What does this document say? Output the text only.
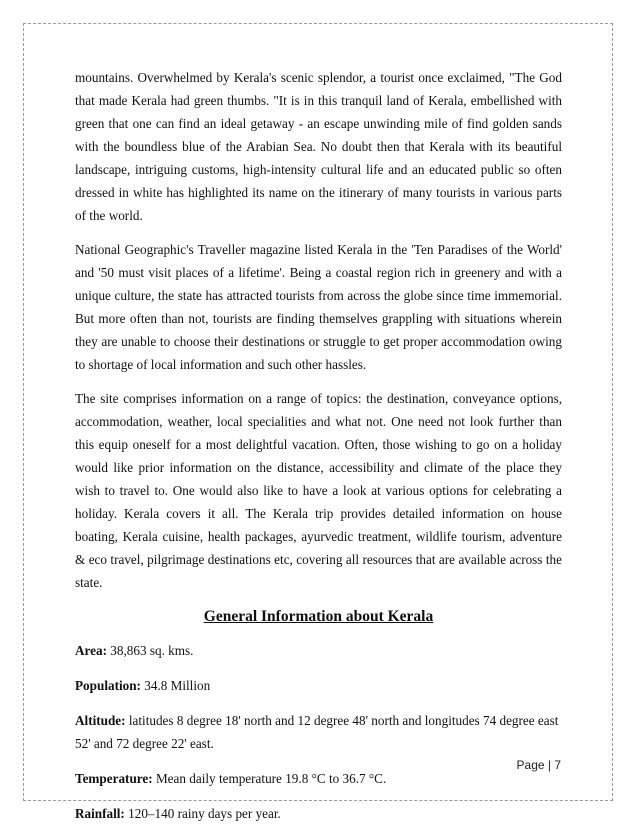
mountains. Overwhelmed by Kerala's scenic splendor, a tourist once exclaimed, "The God that made Kerala had green thumbs. "It is in this tranquil land of Kerala, embellished with green that one can find an ideal getaway - an escape unwinding mile of find golden sands with the boundless blue of the Arabian Sea. No doubt then that Kerala with its beautiful landscape, intriguing customs, high-intensity cultural life and an educated public so often dressed in white has highlighted its name on the itinerary of many tourists in various parts of the world.

National Geographic's Traveller magazine listed Kerala in the 'Ten Paradises of the World' and '50 must visit places of a lifetime'. Being a coastal region rich in greenery and with a unique culture, the state has attracted tourists from across the globe since time immemorial. But more often than not, tourists are finding themselves grappling with situations wherein they are unable to choose their destinations or struggle to get proper accommodation owing to shortage of local information and such other hassles.

The site comprises information on a range of topics: the destination, conveyance options, accommodation, weather, local specialities and what not. One need not look further than this equip oneself for a most delightful vacation. Often, those wishing to go on a holiday would like prior information on the distance, accessibility and climate of the place they wish to travel to. One would also like to have a look at various options for celebrating a holiday. Kerala covers it all. The Kerala trip provides detailed information on house boating, Kerala cuisine, health packages, ayurvedic treatment, wildlife tourism, adventure & eco travel, pilgrimage destinations etc, covering all resources that are available across the state.

General Information about Kerala
Area: 38,863 sq. kms.
Population: 34.8 Million
Altitude: latitudes 8 degree 18' north and 12 degree 48' north and longitudes 74 degree east 52' and 72 degree 22' east.
Temperature: Mean daily temperature 19.8 °C to 36.7 °C.
Rainfall: 120–140 rainy days per year.
Page | 7
